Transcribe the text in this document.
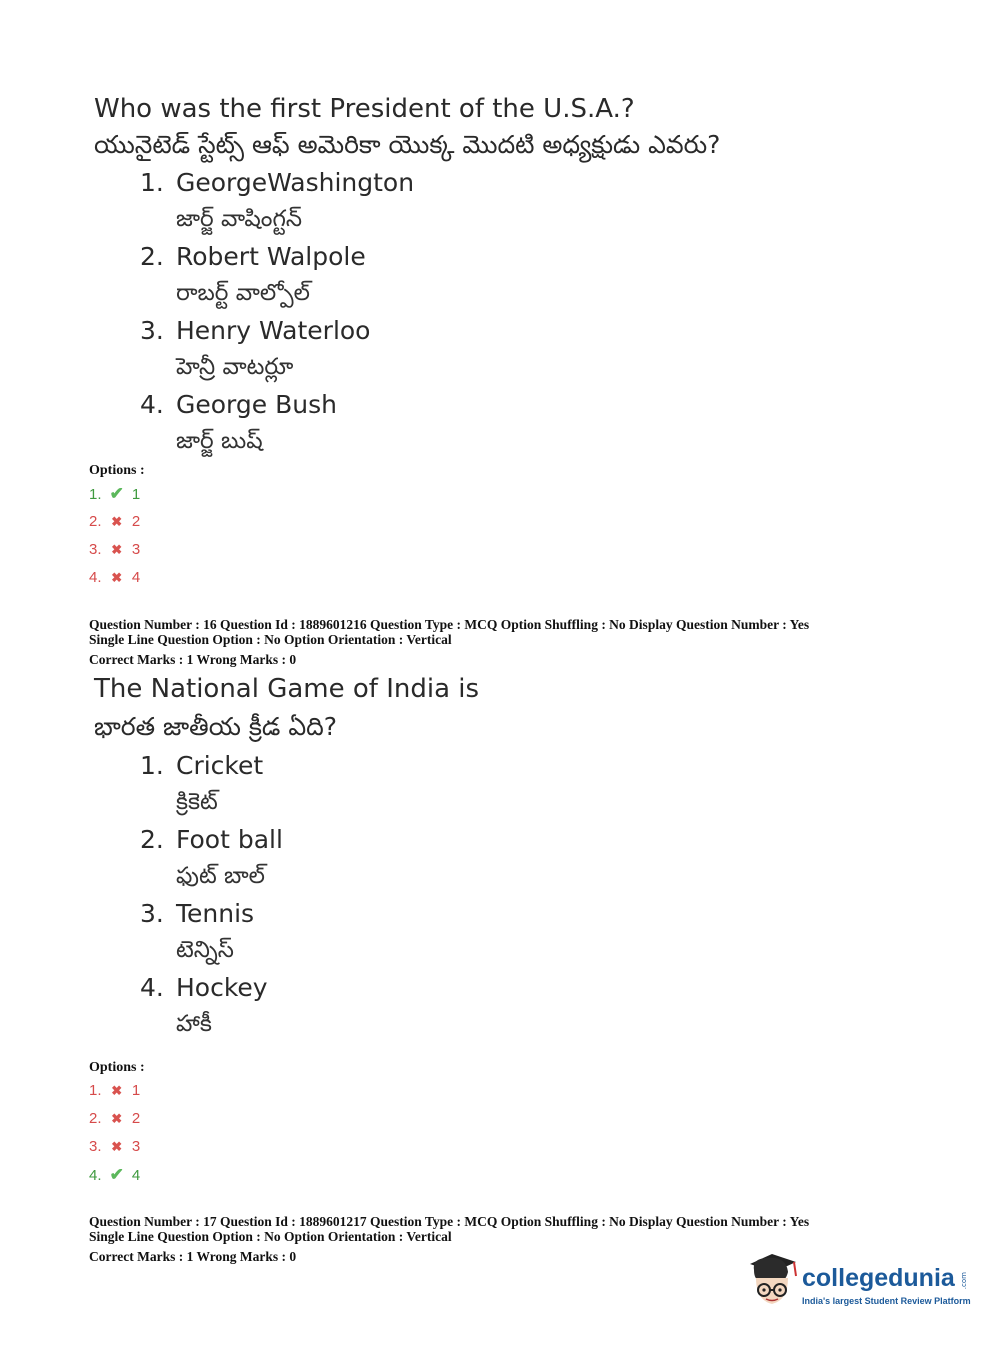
Who was the first President of the U.S.A.?
యునైటెడ్ స్టేట్స్ ఆఫ్ అమెరికా యొక్క మొదటి అధ్యక్షుడు ఎవరు?
1. GeorgeWashington
జార్జ్ వాషింగ్టన్
2. Robert Walpole
రాబర్ట్ వాల్పోల్
3. Henry Waterloo
హెన్రీ వాటర్లూ
4. George Bush
జార్జ్ బుష్
Options :
1. ✔ 1
2. ✖ 2
3. ✖ 3
4. ✖ 4
Question Number : 16 Question Id : 1889601216 Question Type : MCQ Option Shuffling : No Display Question Number : Yes
Single Line Question Option : No Option Orientation : Vertical
Correct Marks : 1 Wrong Marks : 0
The National Game of India is
భారత జాతీయ క్రీడ ఏది?
1. Cricket
క్రికెట్
2. Foot ball
ఫుట్ బాల్
3. Tennis
టెన్నిస్
4. Hockey
హాకీ
Options :
1. ✖ 1
2. ✖ 2
3. ✖ 3
4. ✔ 4
Question Number : 17 Question Id : 1889601217 Question Type : MCQ Option Shuffling : No Display Question Number : Yes
Single Line Question Option : No Option Orientation : Vertical
Correct Marks : 1 Wrong Marks : 0
collegedunia .com
India's largest Student Review Platform
